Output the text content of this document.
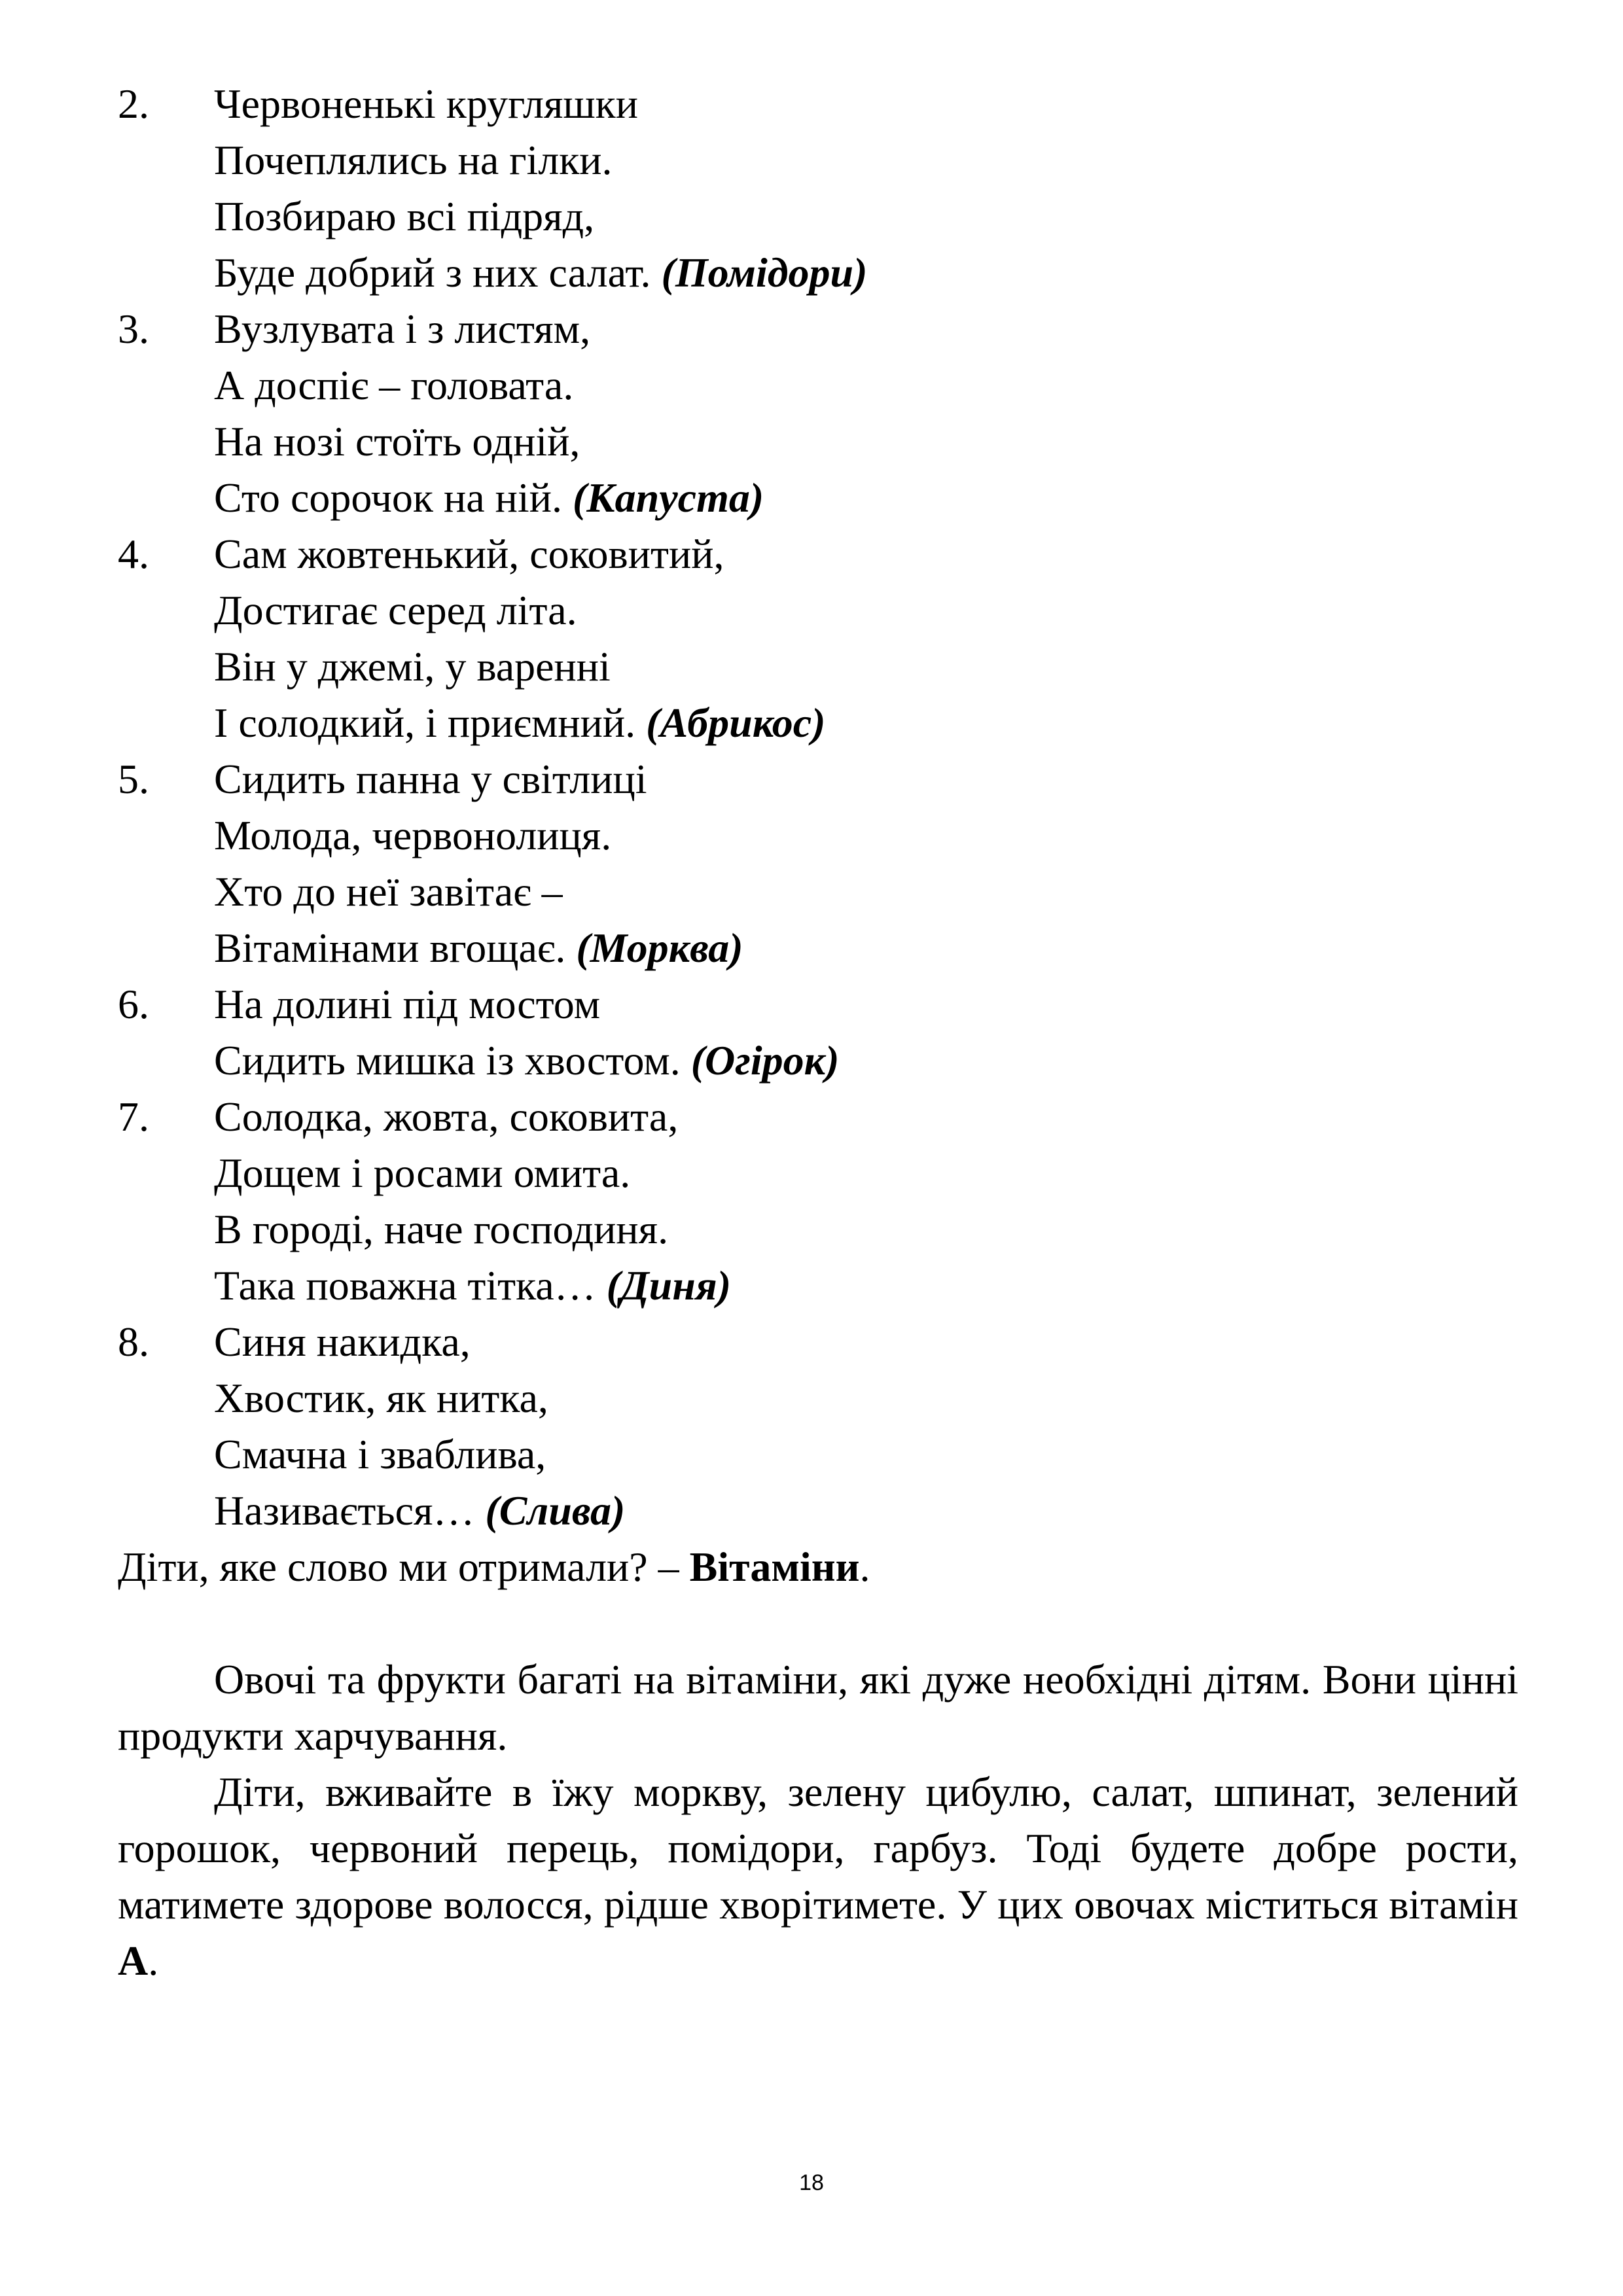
2.	Червоненькі кругляшки
Почеплялись на гілки.
Позбираю всі підряд,
Буде добрий з них салат. (Помідори)
3.	Вузлувата і з листям,
А доспіє – головата.
На нозі стоїть одній,
Сто сорочок на ній. (Капуста)
4.	Сам жовтенький, соковитий,
Достигає серед літа.
Він у джемі, у варенні
І солодкий, і приємний. (Абрикос)
5.	Сидить панна у світлиці
Молода, червонолиця.
Хто до неї завітає –
Вітамінами вгощає. (Морква)
6.	На долині під мостом
Сидить мишка із хвостом. (Огірок)
7.	Солодка, жовта, соковита,
Дощем і росами омита.
В городі, наче господиня.
Така поважна тітка… (Диня)
8.	Синя накидка,
Хвостик, як нитка,
Смачна і зваблива,
Називається… (Слива)
Діти, яке слово ми отримали? – Вітаміни.

Овочі та фрукти багаті на вітаміни, які дуже необхідні дітям. Вони цінні продукти харчування.

Діти, вживайте в їжу моркву, зелену цибулю, салат, шпинат, зелений горошок, червоний перець, помідори, гарбуз. Тоді будете добре рости, матимете здорове волосся, рідше хворітимете. У цих овочах міститься вітамін А.

18
